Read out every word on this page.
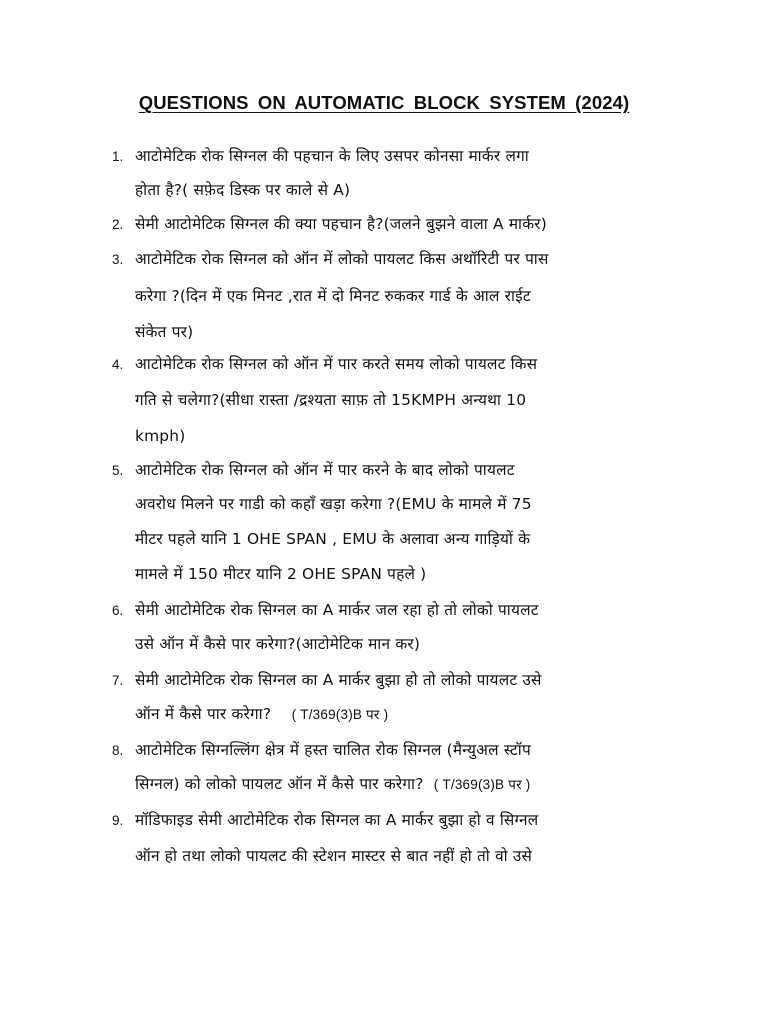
QUESTIONS ON AUTOMATIC BLOCK SYSTEM (2024)
1. आटोमेटिक रोक सिग्नल की पहचान के लिए उसपर कोनसा मार्कर लगा
होता है?( सफ़ेद डिस्क पर काले से A)
2. सेमी आटोमेटिक सिग्नल की क्या पहचान है?(जलने बुझने वाला A मार्कर)
3. आटोमेटिक रोक सिग्नल को ऑन में लोको पायलट किस अथॉरिटी पर पास
करेगा ?(दिन में एक मिनट ,रात में दो मिनट रुककर गार्ड के आल राईट
संकेत पर)
4. आटोमेटिक रोक सिग्नल को ऑन में पार करते समय लोको पायलट किस
गति से चलेगा?(सीधा रास्ता /द्रश्यता साफ़ तो 15KMPH अन्यथा 10
kmph)
5. आटोमेटिक रोक सिग्नल को ऑन में पार करने के बाद लोको पायलट
अवरोध मिलने पर गाडी को कहाँ खड़ा करेगा ?(EMU के मामले में 75
मीटर पहले यानि 1 OHE SPAN , EMU के अलावा अन्य गाड़ियों के
मामले में 150 मीटर यानि 2 OHE SPAN पहले )
6. सेमी आटोमेटिक रोक सिग्नल का A मार्कर जल रहा हो तो लोको पायलट
उसे ऑन में कैसे पार करेगा?(आटोमेटिक मान कर)
7. सेमी आटोमेटिक रोक सिग्नल का A मार्कर बुझा हो तो लोको पायलट उसे
ऑन में कैसे पार करेगा? ( T/369(3)B पर )
8. आटोमेटिक सिग्नल्लिंग क्षेत्र में हस्त चालित रोक सिग्नल (मैन्युअल स्टॉप
सिग्नल) को लोको पायलट ऑन में कैसे पार करेगा? ( T/369(3)B पर )
9. मॉडिफाइड सेमी आटोमेटिक रोक सिग्नल का A मार्कर बुझा हो व सिग्नल
ऑन हो तथा लोको पायलट की स्टेशन मास्टर से बात नहीं हो तो वो उसे
